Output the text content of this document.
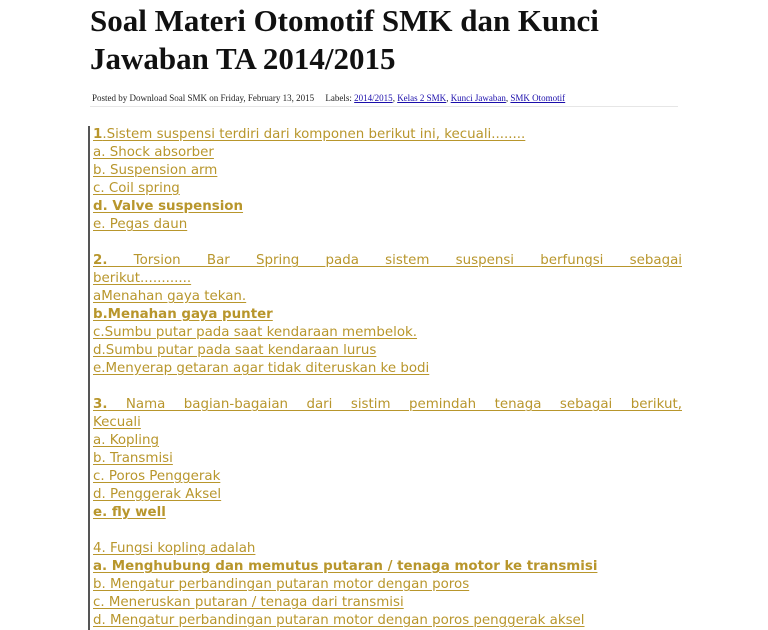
Soal Materi Otomotif SMK dan Kunci Jawaban TA 2014/2015
Posted by Download Soal SMK on Friday, February 13, 2015 Labels: 2014/2015, Kelas 2 SMK, Kunci Jawaban, SMK Otomotif
1.Sistem suspensi terdiri dari komponen berikut ini, kecuali........
a. Shock absorber
b. Suspension arm
c. Coil spring
d. Valve suspension
e. Pegas daun
2. Torsion Bar Spring pada sistem suspensi berfungsi sebagai
berikut............
aMenahan gaya tekan.
b.Menahan gaya punter
c.Sumbu putar pada saat kendaraan membelok.
d.Sumbu putar pada saat kendaraan lurus
e.Menyerap getaran agar tidak diteruskan ke bodi
3. Nama bagian-bagaian dari sistim pemindah tenaga sebagai berikut,
Kecuali
a. Kopling
b. Transmisi
c. Poros Penggerak
d. Penggerak Aksel
e. fly well
4. Fungsi kopling adalah
a. Menghubung dan memutus putaran / tenaga motor ke transmisi
b. Mengatur perbandingan putaran motor dengan poros
c. Meneruskan putaran / tenaga dari transmisi
d. Mengatur perbandingan putaran motor dengan poros penggerak aksel
